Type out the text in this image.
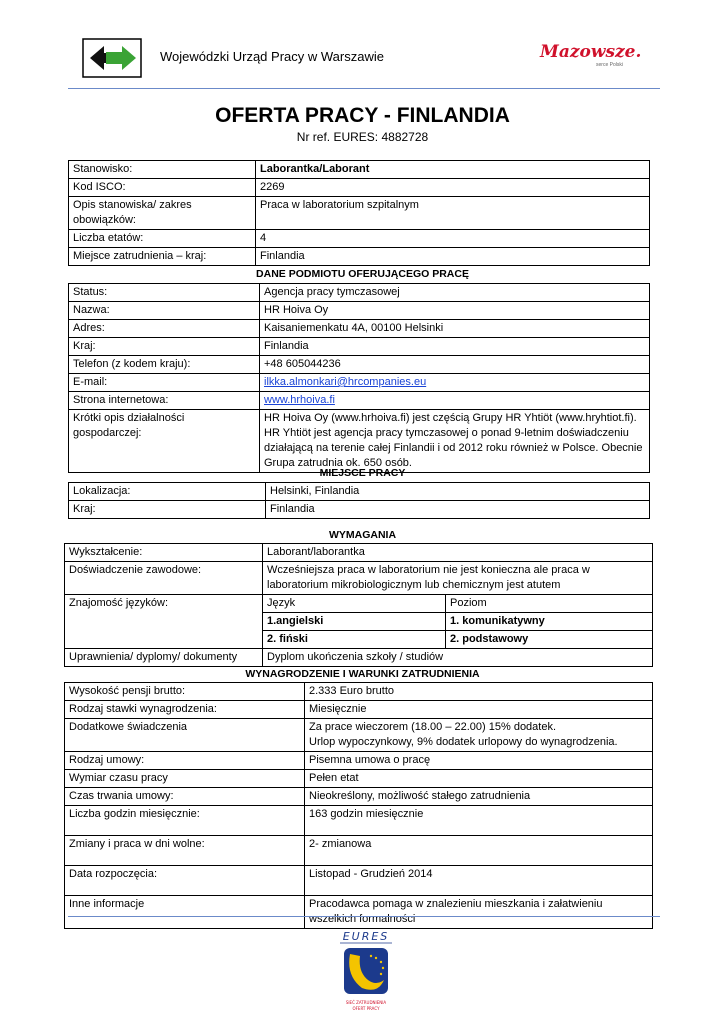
Wojewódzki Urząd Pracy w Warszawie	Mazowsze.
serce Polski
OFERTA PRACY - FINLANDIA
Nr ref. EURES: 4882728
Stanowisko:	Laborantka/Laborant
Kod ISCO:	2269
Opis stanowiska/ zakres obowiązków:	Praca w laboratorium szpitalnym
Liczba etatów:	4
Miejsce zatrudnienia – kraj:	Finlandia
DANE PODMIOTU OFERUJĄCEGO PRACĘ
Status:	Agencja pracy tymczasowej
Nazwa:	HR Hoiva Oy
Adres:	Kaisaniemenkatu 4A, 00100 Helsinki
Kraj:	Finlandia
Telefon (z kodem kraju):	+48 605044236
E-mail:	ilkka.almonkari@hrcompanies.eu
Strona internetowa:	www.hrhoiva.fi
Krótki opis działalności gospodarczej:	HR Hoiva Oy (www.hrhoiva.fi) jest częścią Grupy HR Yhtiöt (www.hryhtiot.fi). HR Yhtiöt jest agencja pracy tymczasowej o ponad 9-letnim doświadczeniu działającą na terenie całej Finlandii i od 2012 roku również w Polsce. Obecnie Grupa zatrudnia ok. 650 osób.
MIEJSCE PRACY
Lokalizacja:	Helsinki, Finlandia
Kraj:	Finlandia
WYMAGANIA
Wykształcenie:	Laborant/laborantka	
Doświadczenie zawodowe:	Wcześniejsza praca w laboratorium nie jest konieczna ale praca w laboratorium mikrobiologicznym lub chemicznym jest atutem	
Znajomość języków:	Język	Poziom
	1.angielski	1. komunikatywny
	2. fiński	2. podstawowy
Uprawnienia/ dyplomy/ dokumenty	Dyplom ukończenia szkoły / studiów	
WYNAGRODZENIE I WARUNKI ZATRUDNIENIA
Wysokość pensji brutto:	2.333 Euro brutto
Rodzaj stawki wynagrodzenia:	Miesięcznie
Dodatkowe świadczenia	Za prace wieczorem (18.00 – 22.00) 15% dodatek.
Urlop wypoczynkowy, 9% dodatek urlopowy do wynagrodzenia.

Rodzaj umowy:	Pisemna umowa o pracę
Wymiar czasu pracy	Pełen etat
Czas trwania umowy:	Nieokreślony, możliwość stałego zatrudnienia
Liczba godzin miesięcznie:	163 godzin miesięcznie
Zmiany i praca w dni wolne:	2- zmianowa
Data rozpoczęcia:	Listopad - Grudzień 2014
Inne informacje	Pracodawca pomaga w znalezieniu mieszkania i załatwieniu wszelkich formalności
EURES
SIEĆ ZATRUDNIENIA
OFERT PRACY
